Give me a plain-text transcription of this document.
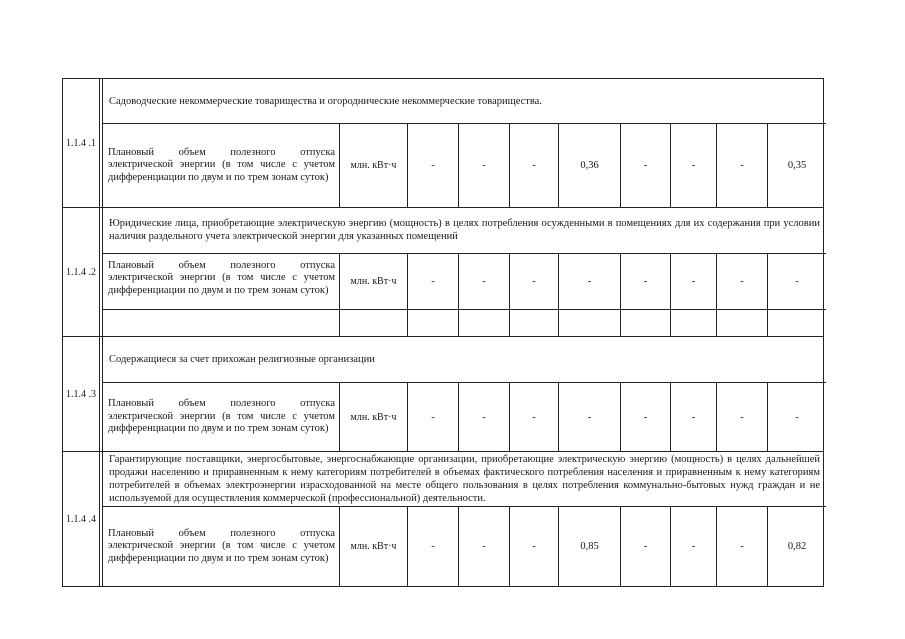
1.1.4 .1
Садоводческие некоммерческие товарищества и огороднические некоммерческие товарищества.
Плановый объем полезного отпуска электрической энергии (в том числе с учетом дифференциации по двум и по трем зонам суток)
млн. кВт·ч	-	-	-	0,36	-	-	-	0,35
1.1.4 .2
Юридические лица, приобретающие электрическую энергию (мощность) в целях потребления осужденными в помещениях для их содержания при условии наличия раздельного учета электрической энергии для указанных помещений
Плановый объем полезного отпуска электрической энергии (в том числе с учетом дифференциации по двум и по трем зонам суток)
млн. кВт·ч	-	-	-	-	-	-	-	-
1.1.4 .3
Содержащиеся за счет прихожан религиозные организации
Плановый объем полезного отпуска электрической энергии (в том числе с учетом дифференциации по двум и по трем зонам суток)
млн. кВт·ч	-	-	-	-	-	-	-	-
1.1.4 .4
Гарантирующие поставщики, энергосбытовые, энергоснабжающие организации, приобретающие электрическую энергию (мощность) в целях дальнейшей продажи населению и приравненным к нему категориям потребителей в объемах фактического потребления населения и приравненным к нему категориям потребителей в объемах электроэнергии израсходованной на месте общего пользования в целях потребления коммунально-бытовых нужд граждан и не используемой для осуществления коммерческой (профессиональной) деятельности.
Плановый объем полезного отпуска электрической энергии (в том числе с учетом дифференциации по двум и по трем зонам суток)
млн. кВт·ч	-	-	-	0,85	-	-	-	0,82
